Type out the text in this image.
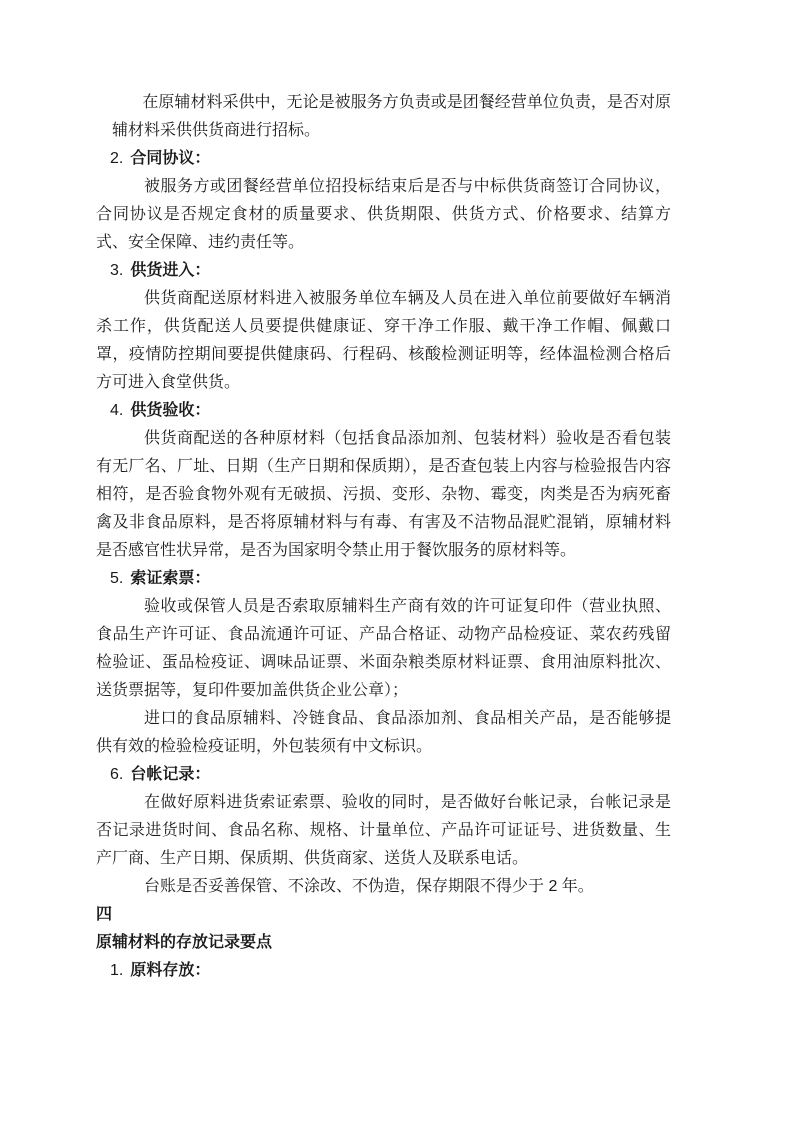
在原辅材料采供中，无论是被服务方负责或是团餐经营单位负责，是否对原辅材料采供供货商进行招标。

2. 合同协议：

被服务方或团餐经营单位招投标结束后是否与中标供货商签订合同协议，合同协议是否规定食材的质量要求、供货期限、供货方式、价格要求、结算方式、安全保障、违约责任等。

3. 供货进入：

供货商配送原材料进入被服务单位车辆及人员在进入单位前要做好车辆消杀工作，供货配送人员要提供健康证、穿干净工作服、戴干净工作帽、佩戴口罩，疫情防控期间要提供健康码、行程码、核酸检测证明等，经体温检测合格后方可进入食堂供货。

4. 供货验收：

供货商配送的各种原材料（包括食品添加剂、包装材料）验收是否看包装有无厂名、厂址、日期（生产日期和保质期），是否查包装上内容与检验报告内容相符，是否验食物外观有无破损、污损、变形、杂物、霉变，肉类是否为病死畜禽及非食品原料，是否将原辅材料与有毒、有害及不洁物品混贮混销，原辅材料是否感官性状异常，是否为国家明令禁止用于餐饮服务的原材料等。

5. 索证索票：

验收或保管人员是否索取原辅料生产商有效的许可证复印件（营业执照、食品生产许可证、食品流通许可证、产品合格证、动物产品检疫证、菜农药残留检验证、蛋品检疫证、调味品证票、米面杂粮类原材料证票、食用油原料批次、送货票据等，复印件要加盖供货企业公章）；

进口的食品原辅料、冷链食品、食品添加剂、食品相关产品，是否能够提供有效的检验检疫证明，外包装须有中文标识。

6. 台帐记录：

在做好原料进货索证索票、验收的同时，是否做好台帐记录，台帐记录是否记录进货时间、食品名称、规格、计量单位、产品许可证证号、进货数量、生产厂商、生产日期、保质期、供货商家、送货人及联系电话。

台账是否妥善保管、不涂改、不伪造，保存期限不得少于 2 年。

四
原辅材料的存放记录要点
1. 原料存放：
